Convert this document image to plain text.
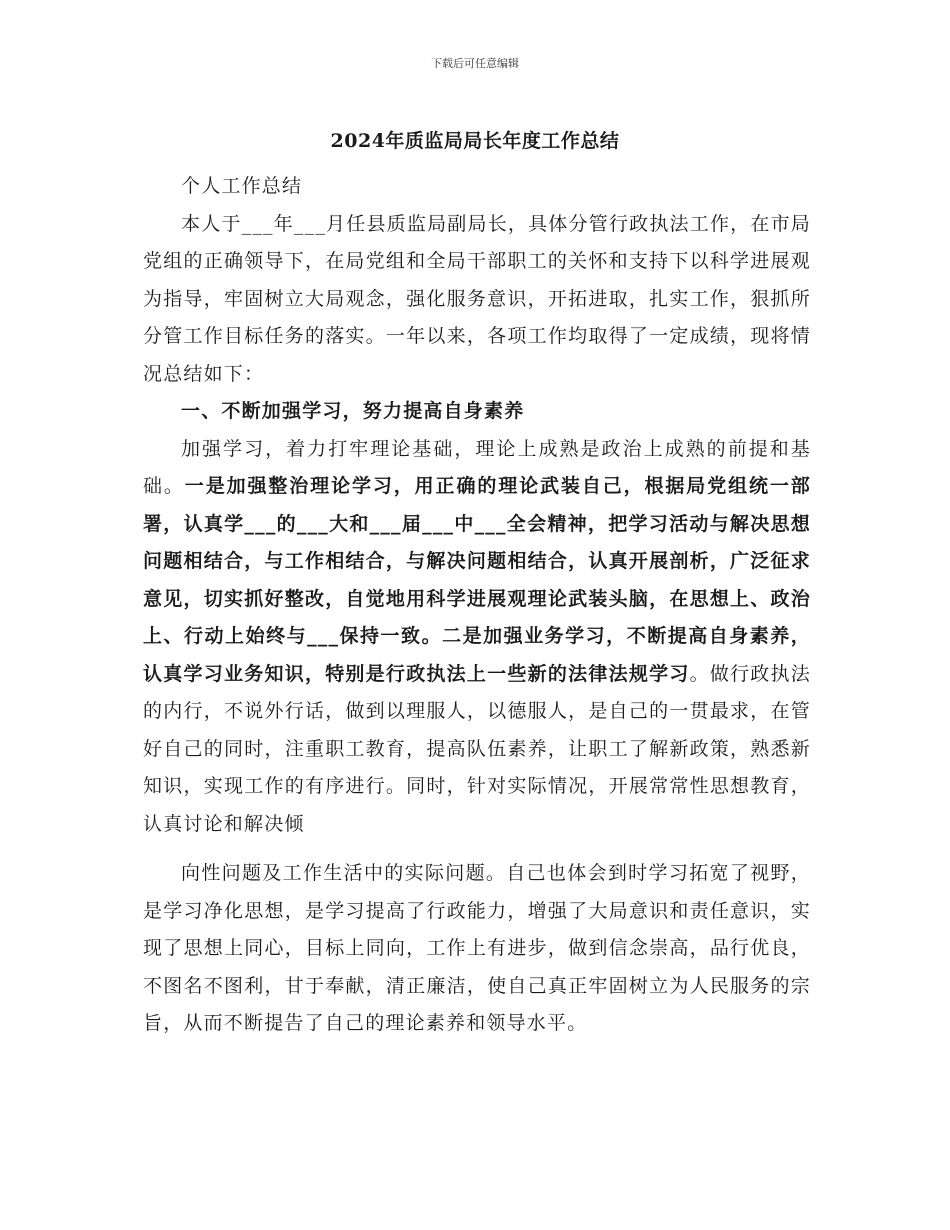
下载后可任意编辑
2024年质监局局长年度工作总结

个人工作总结

本人于___年___月任县质监局副局长，具体分管行政执法工作，在市局党组的正确领导下，在局党组和全局干部职工的关怀和支持下以科学进展观为指导，牢固树立大局观念，强化服务意识，开拓进取，扎实工作，狠抓所分管工作目标任务的落实。一年以来，各项工作均取得了一定成绩，现将情况总结如下：

一、不断加强学习，努力提高自身素养

加强学习，着力打牢理论基础，理论上成熟是政治上成熟的前提和基础。一是加强整治理论学习，用正确的理论武装自己，根据局党组统一部署，认真学___的___大和___届___中___全会精神，把学习活动与解决思想问题相结合，与工作相结合，与解决问题相结合，认真开展剖析，广泛征求意见，切实抓好整改，自觉地用科学进展观理论武装头脑，在思想上、政治上、行动上始终与___保持一致。二是加强业务学习，不断提高自身素养，认真学习业务知识，特别是行政执法上一些新的法律法规学习。做行政执法的内行，不说外行话，做到以理服人，以德服人，是自己的一贯最求，在管好自己的同时，注重职工教育，提高队伍素养，让职工了解新政策，熟悉新知识，实现工作的有序进行。同时，针对实际情况，开展常常性思想教育，认真讨论和解决倾

向性问题及工作生活中的实际问题。自己也体会到时学习拓宽了视野，是学习净化思想，是学习提高了行政能力，增强了大局意识和责任意识，实现了思想上同心，目标上同向，工作上有进步，做到信念崇高，品行优良，不图名不图利，甘于奉献，清正廉洁，使自己真正牢固树立为人民服务的宗旨，从而不断提告了自己的理论素养和领导水平。
